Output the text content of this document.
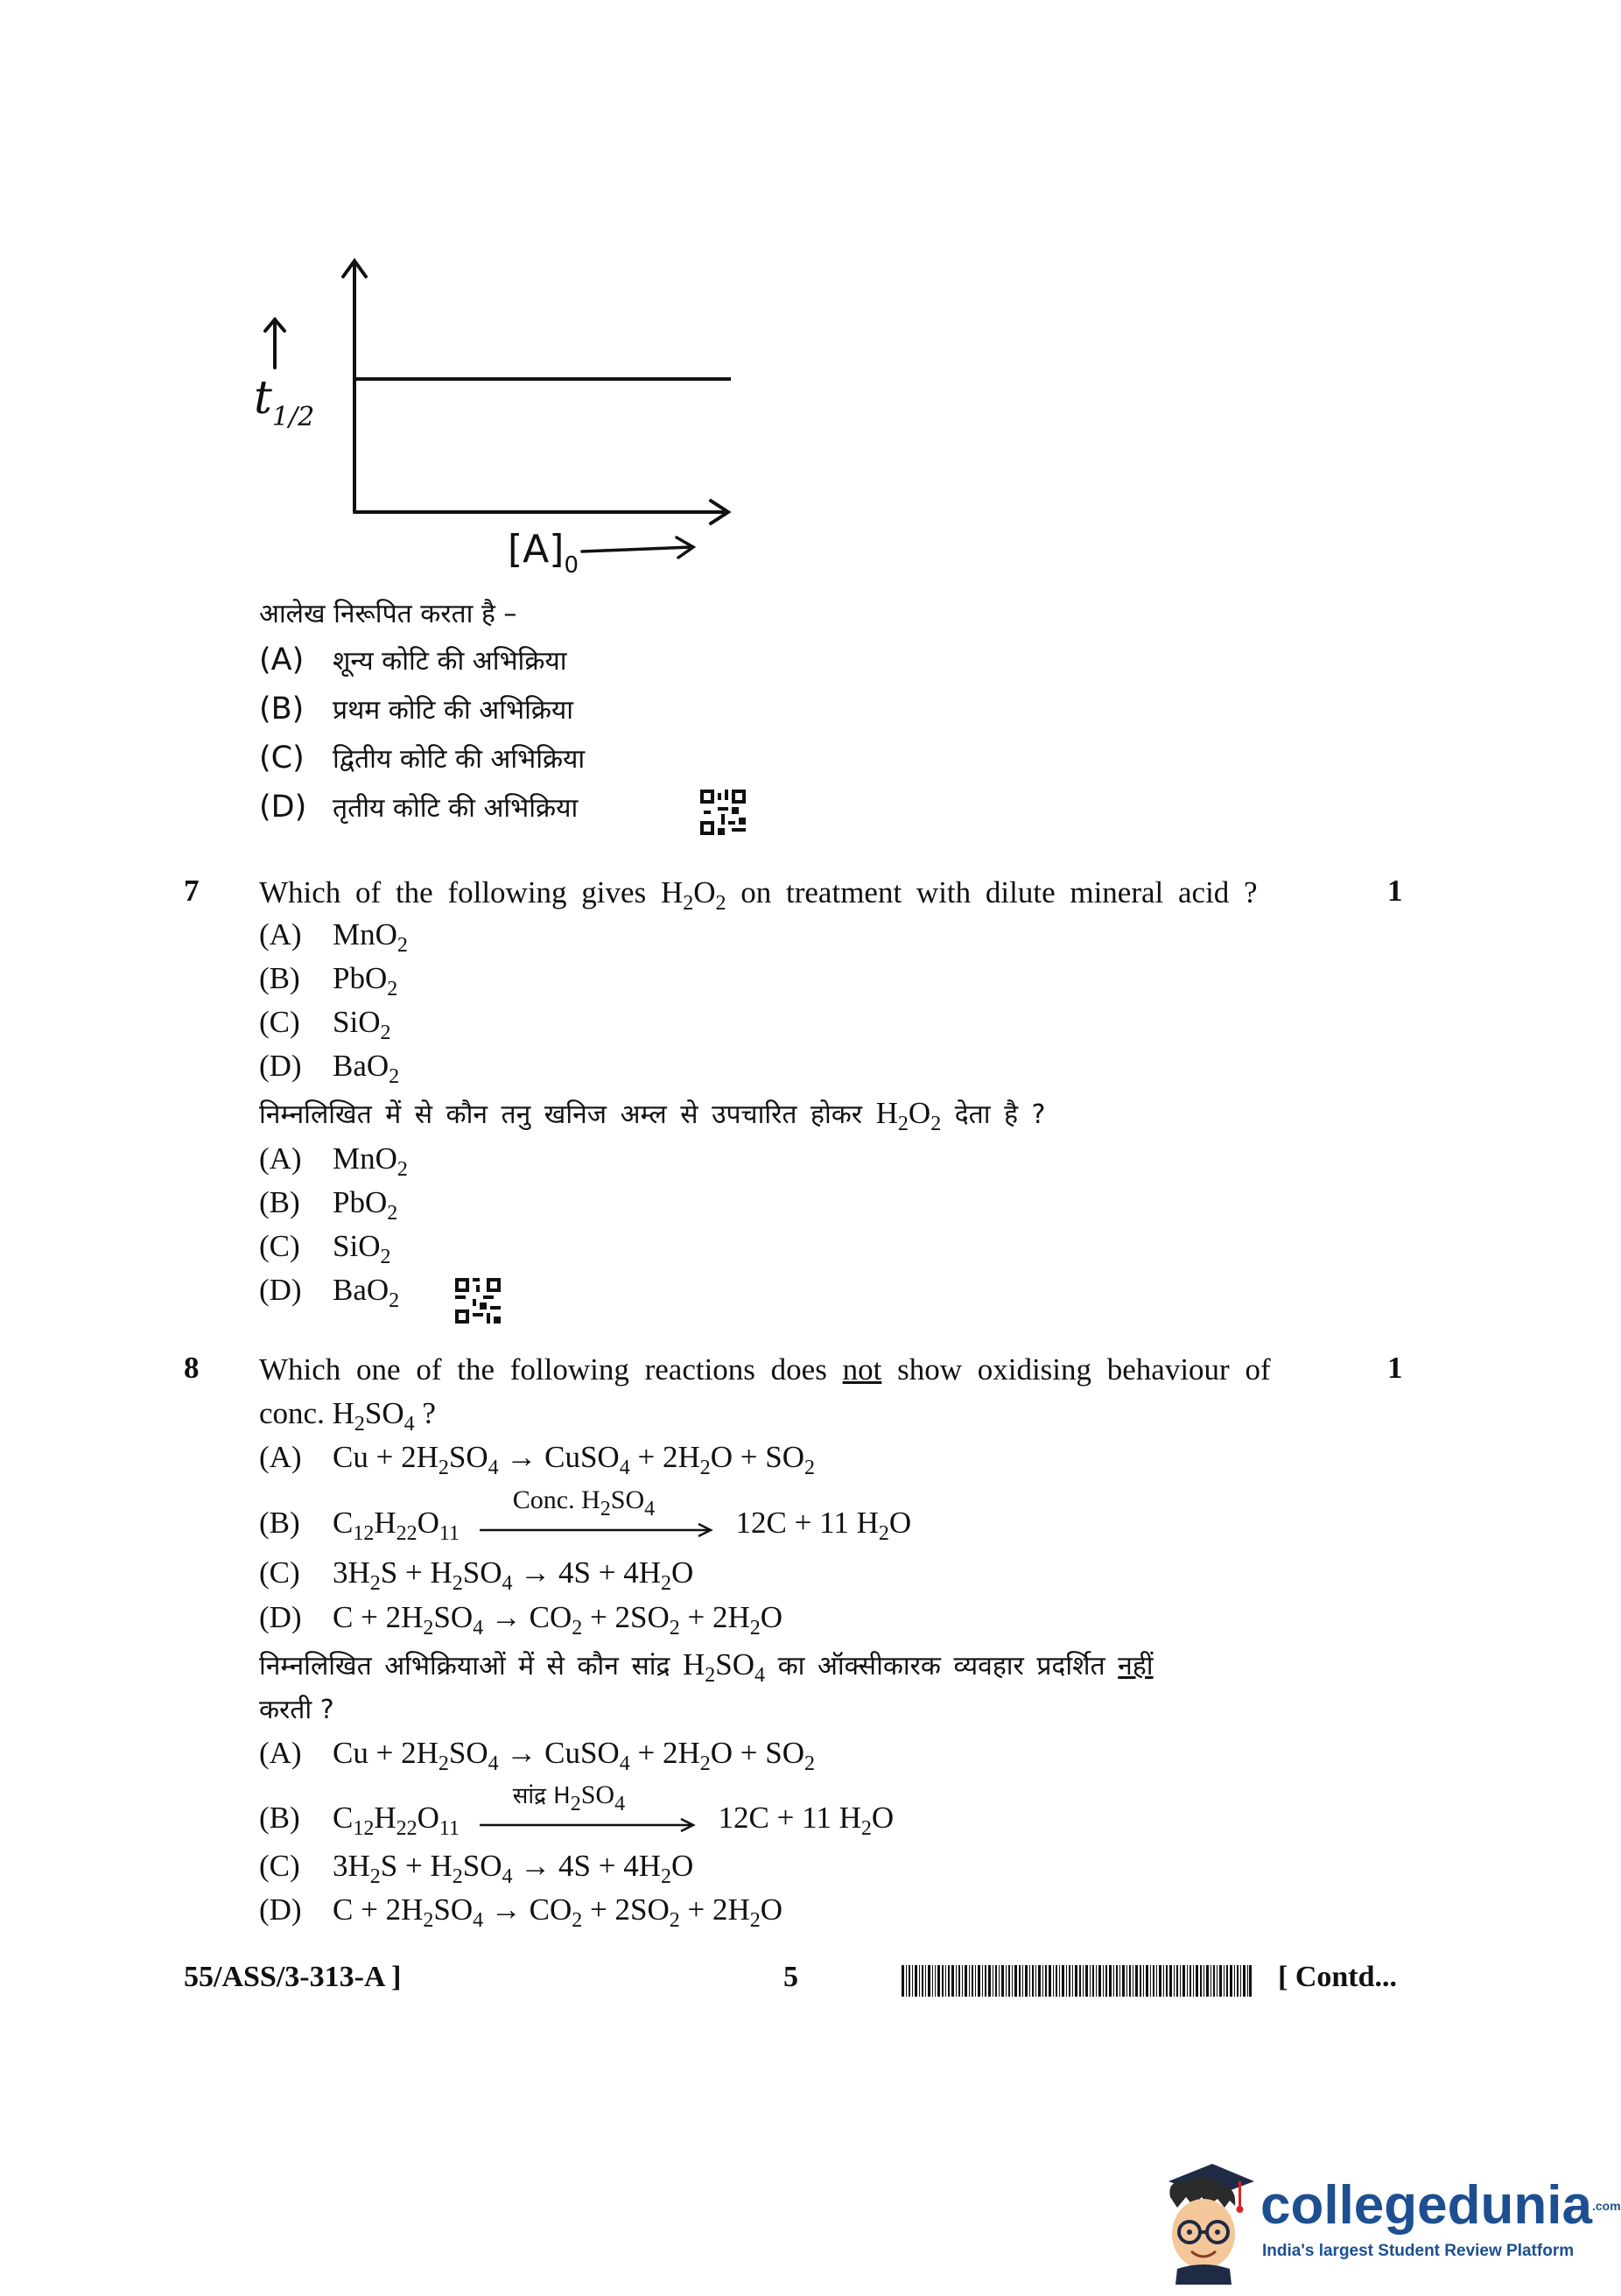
$t_{1/2}$
$[A]_0$
आलेख निरूपित करता है –
(A) शून्य कोटि की अभिक्रिया
(B) प्रथम कोटि की अभिक्रिया
(C) द्वितीय कोटि की अभिक्रिया
(D) तृतीय कोटि की अभिक्रिया
7	1
Which of the following gives $H_2O_2$ on treatment with dilute mineral acid ?
(A) MnO$_2$
(B) PbO$_2$
(C) SiO$_2$
(D) BaO$_2$
निम्नलिखित में से कौन तनु खनिज अम्ल से उपचारित होकर $H_2O_2$ देता है ?
(A) MnO$_2$
(B) PbO$_2$
(C) SiO$_2$
(D) BaO$_2$
8	1
Which one of the following reactions does not show oxidising behaviour of
conc. $H_2SO_4$ ?
(A) $Cu + 2H_2SO_4$ → CuSO$_4$ + $2H_2O + SO_2$
(B) $C_{12}H_{22}O_{11}$
Conc. $H_2SO_4$ 12C + 11 $H_2O$
(C) $3H_2S + H_2SO_4 \to 4S + 4H_2O$
(D) $C + 2H_2SO_4 \to CO_2 + 2SO_2 + 2H_2O$
निम्नलिखित अभिक्रियाओं में से कौन सांद्र $H_2SO_4$ का ऑक्सीकारक व्यवहार प्रदर्शित नहीं
करती ?
(A) $Cu + 2H_2SO_4$ → CuSO$_4$ + $2H_2O + SO_2$
(B) $C_{12}H_{22}O_{11}$
सांद्र $H_2SO_4$	12C + 11 $H_2O$
(C) $3H_2S + H_2SO_4 \to 4S + 4H_2O$
(D) $C + 2H_2SO_4 \to CO_2 + 2SO_2 + 2H_2O$
55/ASS/3-313-A ]	5	[ Contd...
collegedunia$^{.com}$
India's largest Student Review Platform
